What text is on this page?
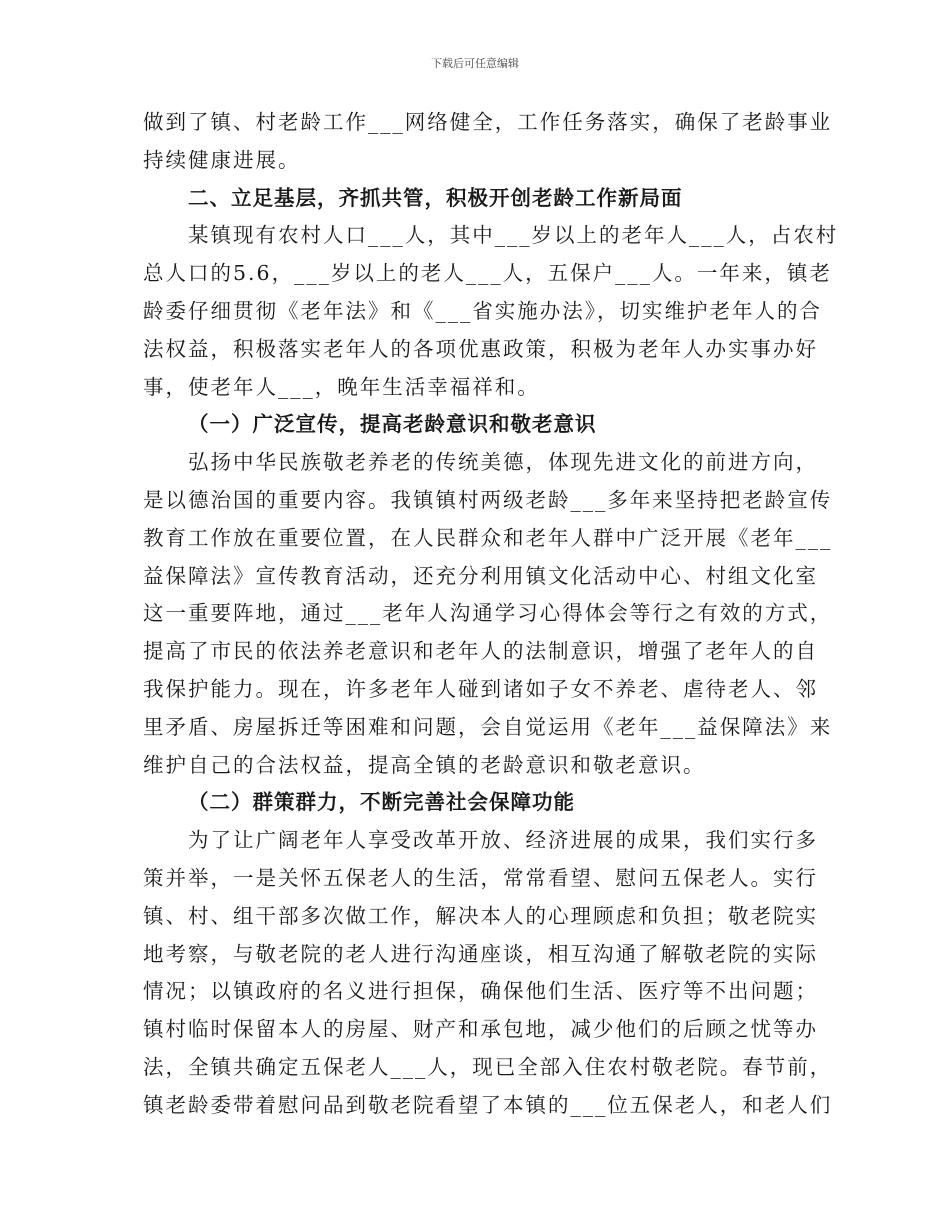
下载后可任意编辑
做到了镇、村老龄工作___网络健全，工作任务落实，确保了老龄事业
持续健康进展。
二、立足基层，齐抓共管，积极开创老龄工作新局面
某镇现有农村人口___人，其中___岁以上的老年人___人，占农村
总人口的5.6，___岁以上的老人___人，五保户___人。一年来，镇老
龄委仔细贯彻《老年法》和《___省实施办法》，切实维护老年人的合
法权益，积极落实老年人的各项优惠政策，积极为老年人办实事办好
事，使老年人___，晚年生活幸福祥和。
（一）广泛宣传，提高老龄意识和敬老意识
弘扬中华民族敬老养老的传统美德，体现先进文化的前进方向，
是以德治国的重要内容。我镇镇村两级老龄___多年来坚持把老龄宣传
教育工作放在重要位置，在人民群众和老年人群中广泛开展《老年___
益保障法》宣传教育活动，还充分利用镇文化活动中心、村组文化室
这一重要阵地，通过___老年人沟通学习心得体会等行之有效的方式，
提高了市民的依法养老意识和老年人的法制意识，增强了老年人的自
我保护能力。现在，许多老年人碰到诸如子女不养老、虐待老人、邻
里矛盾、房屋拆迁等困难和问题，会自觉运用《老年___益保障法》来
维护自己的合法权益，提高全镇的老龄意识和敬老意识。
（二）群策群力，不断完善社会保障功能
为了让广阔老年人享受改革开放、经济进展的成果，我们实行多
策并举，一是关怀五保老人的生活，常常看望、慰问五保老人。实行
镇、村、组干部多次做工作，解决本人的心理顾虑和负担；敬老院实
地考察，与敬老院的老人进行沟通座谈，相互沟通了解敬老院的实际
情况；以镇政府的名义进行担保，确保他们生活、医疗等不出问题；
镇村临时保留本人的房屋、财产和承包地，减少他们的后顾之忧等办
法，全镇共确定五保老人___人，现已全部入住农村敬老院。春节前，
镇老龄委带着慰问品到敬老院看望了本镇的___位五保老人，和老人们
